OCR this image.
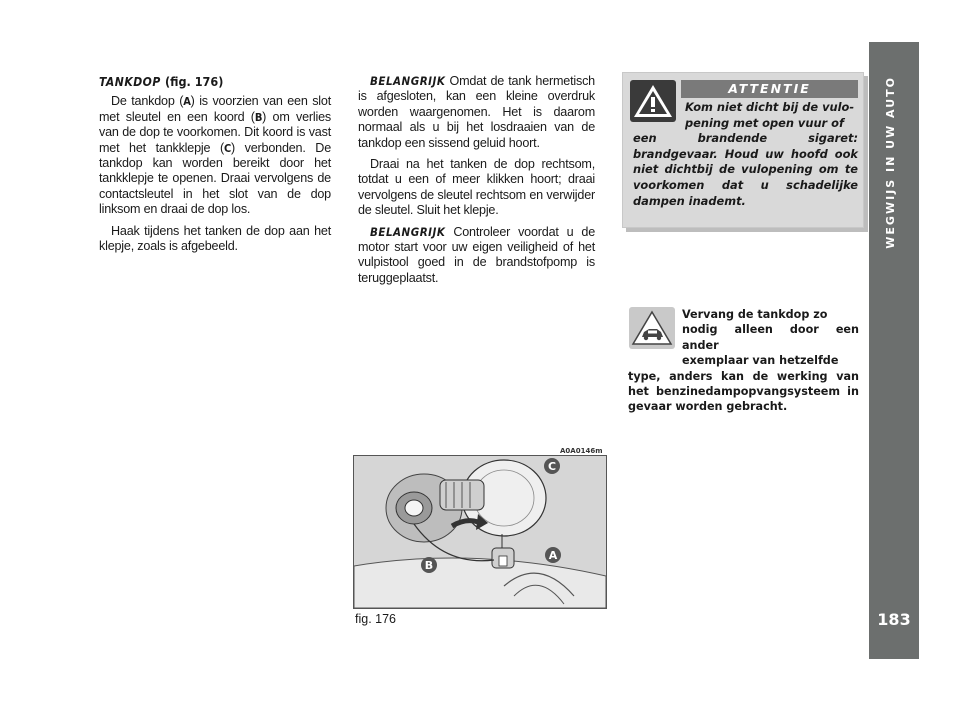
TANKDOP (fig. 176)

De tankdop (A) is voorzien van een slot met sleutel en een koord (B) om verlies van de dop te voorkomen. Dit koord is vast met het tankklepje (C) verbonden. De tankdop kan worden bereikt door het tankklepje te openen. Draai vervolgens de contactsleutel in het slot van de dop linksom en draai de dop los.

Haak tijdens het tanken de dop aan het klepje, zoals is afgebeeld.

BELANGRIJK Omdat de tank hermetisch is afgesloten, kan een kleine overdruk worden waargenomen. Het is daarom normaal als u bij het losdraaien van de tankdop een sissend geluid hoort.

Draai na het tanken de dop rechtsom, totdat u een of meer klikken hoort; draai vervolgens de sleutel rechtsom en verwijder de sleutel. Sluit het klepje.

BELANGRIJK Controleer voordat u de motor start voor uw eigen veiligheid of het vulpistool goed in de brandstofpomp is teruggeplaatst.

ATTENTIE
Kom niet dicht bij de vulo-
pening met open vuur of
een brandende sigaret: brandgevaar. Houd uw hoofd ook niet dichtbij de vulopening om te voorkomen dat u schadelijke dampen inademt.
Vervang de tankdop zo
nodig alleen door een ander
exemplaar van hetzelfde
type, anders kan de werking van het benzinedampopvangsysteem in gevaar worden gebracht.
A0A0146m
C
B
A
fig. 176
WEGWIJS IN UW AUTO
183
